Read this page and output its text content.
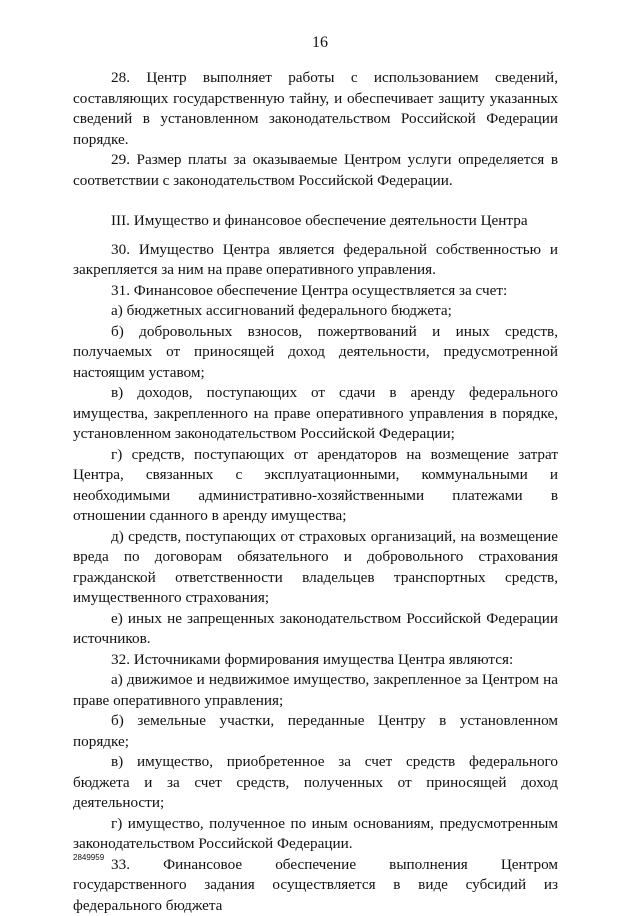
16

28. Центр выполняет работы с использованием сведений, составляющих государственную тайну, и обеспечивает защиту указанных сведений в установленном законодательством Российской Федерации порядке.

29. Размер платы за оказываемые Центром услуги определяется в соответствии с законодательством Российской Федерации.

III. Имущество и финансовое обеспечение деятельности Центра

30. Имущество Центра является федеральной собственностью и закрепляется за ним на праве оперативного управления.

31. Финансовое обеспечение Центра осуществляется за счет:

а) бюджетных ассигнований федерального бюджета;

б) добровольных взносов, пожертвований и иных средств, получаемых от приносящей доход деятельности, предусмотренной настоящим уставом;

в) доходов, поступающих от сдачи в аренду федерального имущества, закрепленного на праве оперативного управления в порядке, установленном законодательством Российской Федерации;

г) средств, поступающих от арендаторов на возмещение затрат Центра, связанных с эксплуатационными, коммунальными и необходимыми административно-хозяйственными платежами в отношении сданного в аренду имущества;

д) средств, поступающих от страховых организаций, на возмещение вреда по договорам обязательного и добровольного страхования гражданской ответственности владельцев транспортных средств, имущественного страхования;

е) иных не запрещенных законодательством Российской Федерации источников.

32. Источниками формирования имущества Центра являются:

а) движимое и недвижимое имущество, закрепленное за Центром на праве оперативного управления;

б) земельные участки, переданные Центру в установленном порядке;

в) имущество, приобретенное за счет средств федерального бюджета и за счет средств, полученных от приносящей доход деятельности;

г) имущество, полученное по иным основаниям, предусмотренным законодательством Российской Федерации.

33. Финансовое обеспечение выполнения Центром государственного задания осуществляется в виде субсидий из федерального бюджета

2849959
